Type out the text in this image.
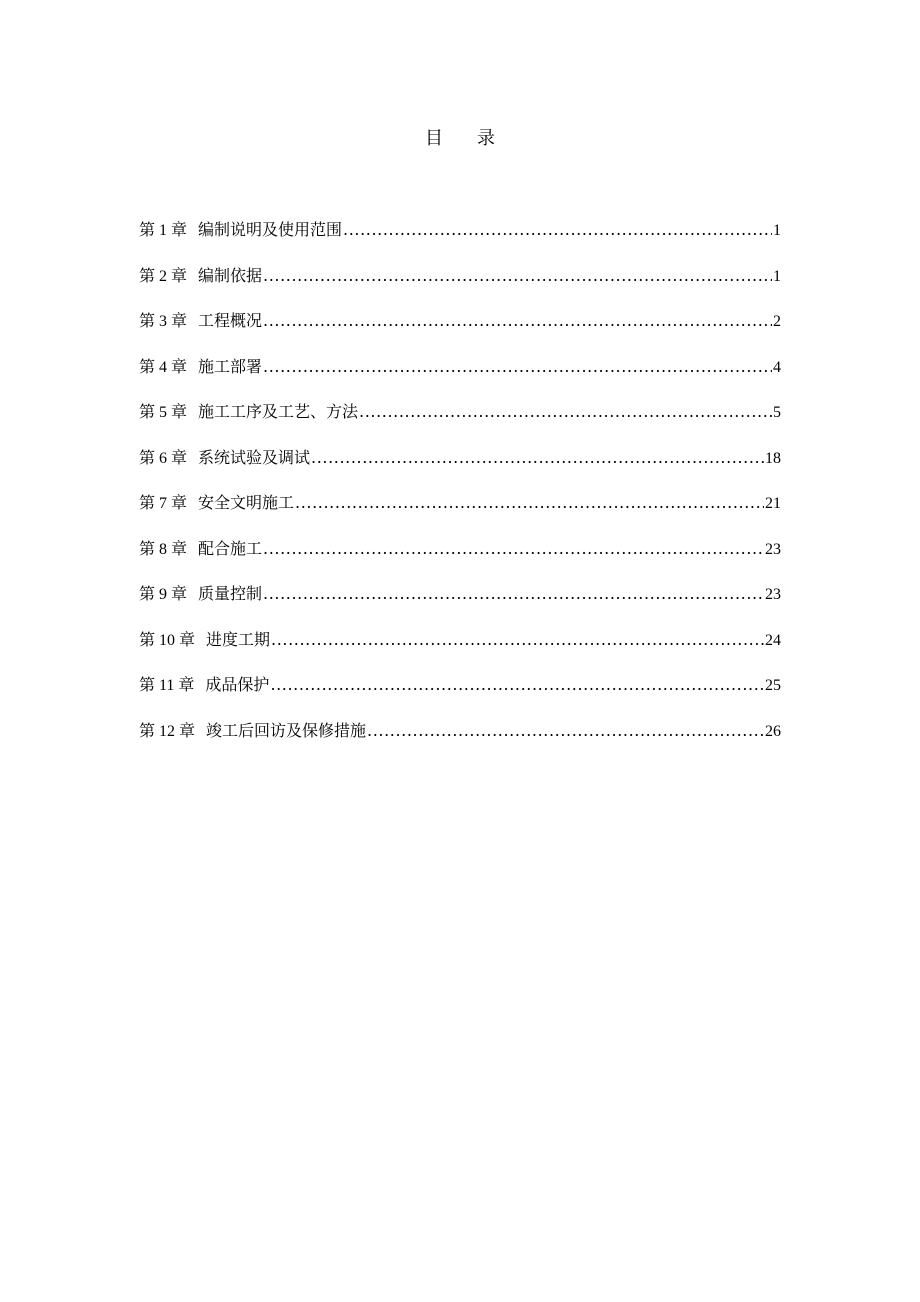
目 录
第 1 章 编制说明及使用范围 .....	1
第 2 章 编制依据 .....	1
第 3 章 工程概况 .....	2
第 4 章 施工部署 .....	4
第 5 章 施工工序及工艺、方法 .....	5
第 6 章 系统试验及调试 .....	18
第 7 章 安全文明施工 .....	21
第 8 章 配合施工 .....	23
第 9 章 质量控制 .....	23
第 10 章 进度工期 .....	24
第 11 章 成品保护 .....	25
第 12 章 竣工后回访及保修措施 .....	26
